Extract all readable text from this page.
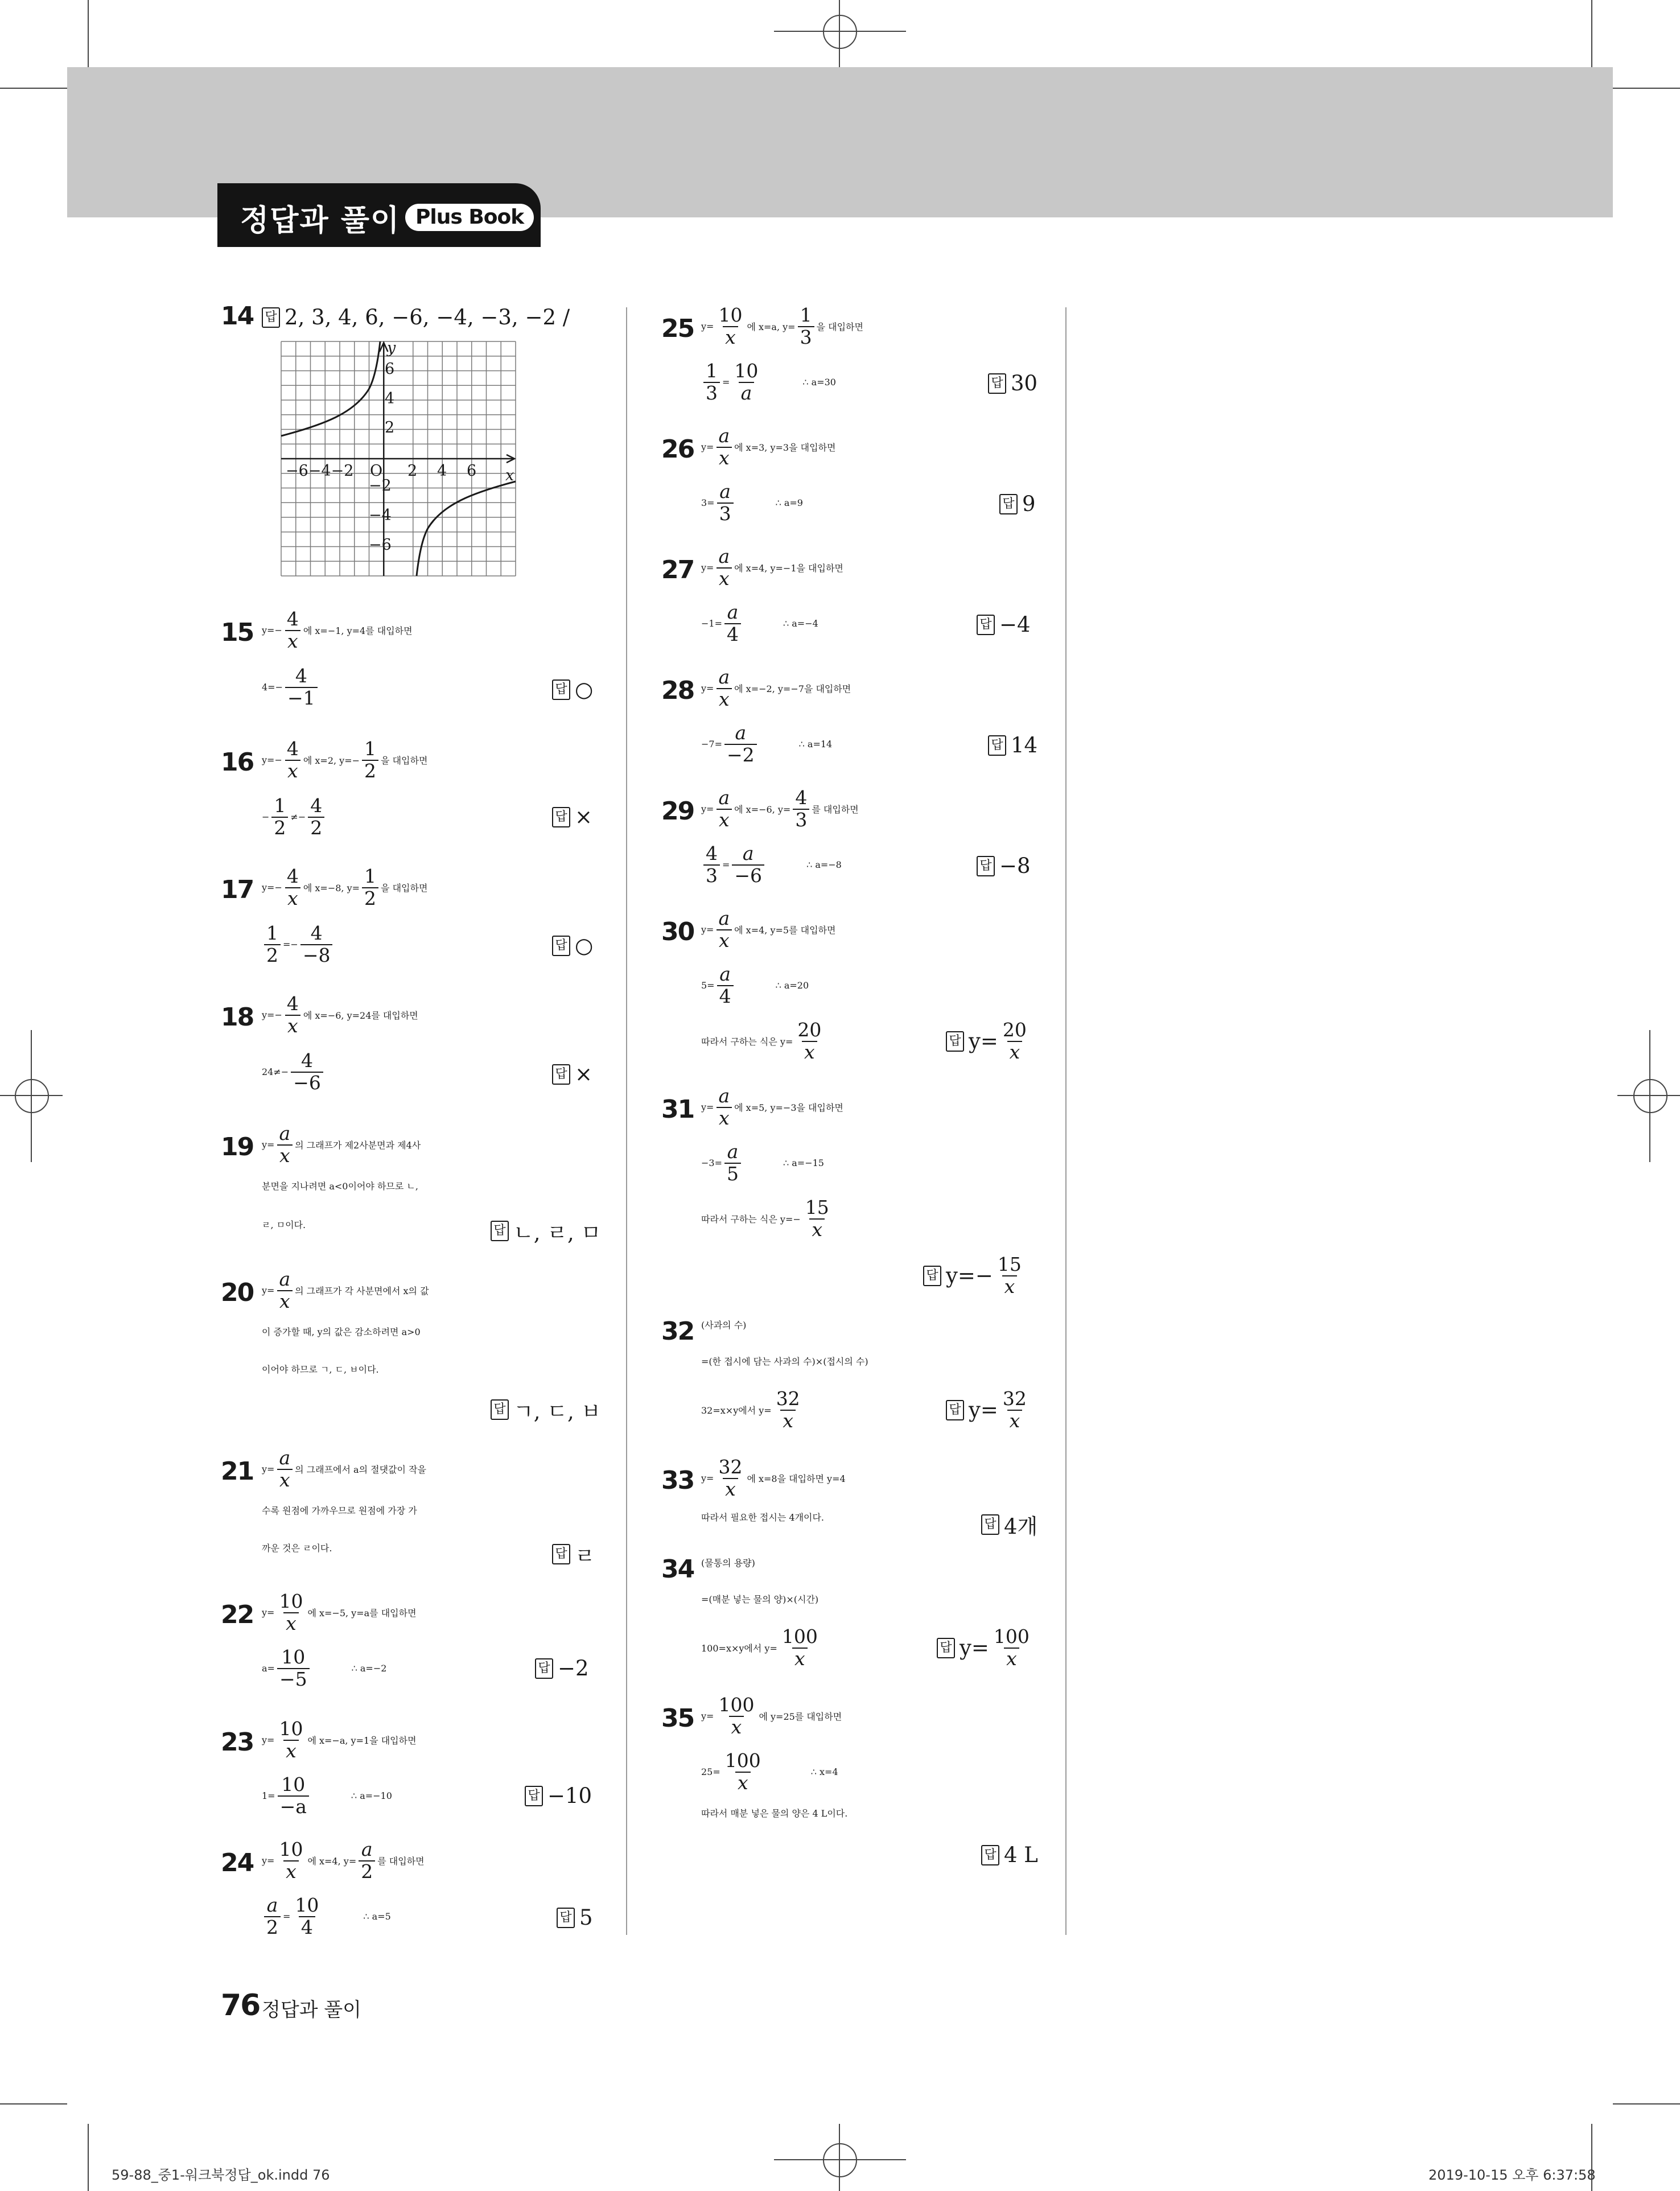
정답과 풀이 Plus Book
14 답 2, 3, 4, 6, −6, −4, −3, −2 /
y
x
O
6
4
2
−2
−4
−6
−6−4−2	2 4 6
15 $y=- \frac{4}{x}$ 에 x=−1, y=4를 대입하면
$4=- \frac{4}{-1}$ 답	○
16 $y=- \frac{4}{x}$ 에 x=2, $y=- \frac{1}{2}$ 을 대입하면
− $\frac{1}{2} \ne- \frac{4}{2}$ 답	×
17 $y=- \frac{4}{x}$ 에 x=−8, $y= \frac{1}{2}$ 을 대입하면
$\frac{1}{2} =- \frac{4}{-8}$ 답	○
18 $y=- \frac{4}{x}$ 에 x=−6, y=24를 대입하면
$24\ne- \frac{4}{-6}$ 답	×
19 $y= \frac{a}{x}$ 의 그래프가 제2사분면과 제4사
분면을 지나려면 a<0이어야 하므로 ㄴ,
ㄹ, ㅁ이다. 답	ㄴ, ㄹ, ㅁ
20 $y= \frac{a}{x}$ 의 그래프가 각 사분면에서 x의 값
이 증가할 때, y의 값은 감소하려면 a>0
이어야 하므로 ㄱ, ㄷ, ㅂ이다.
답
ㄱ, ㄷ, ㅂ
21 $y= \frac{a}{x}$ 의 그래프에서 a의 절댓값이 작을
수록 원점에 가까우므로 원점에 가장 가
까운 것은 ㄹ이다. 답	ㄹ
22 $y= \frac{10}{x}$ 에 x=−5, y=a를 대입하면
$a= \frac{10}{-5}$	∴ a=−2 답	−2
23 $y= \frac{10}{x}$ 에 x=−a, y=1을 대입하면
$1= \frac{10}{-a}$	∴ a=−10 답	−10
24 $y= \frac{10}{x}$ 에 x=4, $y= \frac{a}{2}$ 를 대입하면
$\frac{a}{2} = \frac{10}{4}$	∴ a=5 답	5
25 $y= \frac{10}{x}$ 에 x=a, $y= \frac{1}{3}$ 을 대입하면
$\frac{1}{3} = \frac{10}{a}$	∴ a=30 답	30
26 $y= \frac{a}{x}$ 에 x=3, y=3을 대입하면
$3= \frac{a}{3}$	∴ a=9 답	9
27 $y= \frac{a}{x}$ 에 x=4, y=−1을 대입하면
$-1= \frac{a}{4}$	∴ a=−4 답	−4
28 $y= \frac{a}{x}$ 에 x=−2, y=−7을 대입하면
$-7= \frac{a}{-2}$	∴ a=14 답	14
29 $y= \frac{a}{x}$ 에 x=−6, $y= \frac{4}{3}$ 를 대입하면
$\frac{4}{3} = \frac{a}{-6}$	∴ a=−8 답	−8
30 $y= \frac{a}{x}$ 에 x=4, y=5를 대입하면
$5= \frac{a}{4}$	∴ a=20
따라서 구하는 식은 $y= \frac{20}{x}$ 답	$y= \frac{20}{x}$
31 $y= \frac{a}{x}$ 에 x=5, y=−3을 대입하면
$-3= \frac{a}{5}$	∴ a=−15
따라서 구하는 식은 $y=- \frac{15}{x}$
답
$y=- \frac{15}{x}$
32 (사과의 수)
=(한 접시에 담는 사과의 수)×(접시의 수)
32=x×y에서 $y= \frac{32}{x}$ 답	$y= \frac{32}{x}$
33 $y= \frac{32}{x}$ 에 x=8을 대입하면 y=4
따라서 필요한 접시는 4개이다. 답	4개
34 (물통의 용량)
=(매분 넣는 물의 양)×(시간)
100=x×y에서 $y= \frac{100}{x}$ 답	$y= \frac{100}{x}$
35 $y= \frac{100}{x}$ 에 y=25를 대입하면
$25= \frac{100}{x}$	∴ x=4
따라서 매분 넣은 물의 양은 4 L이다.
답
4 L
76 정답과 풀이
59-88_중1-워크북정답_ok.indd 76	2019-10-15 오후 6:37:58
